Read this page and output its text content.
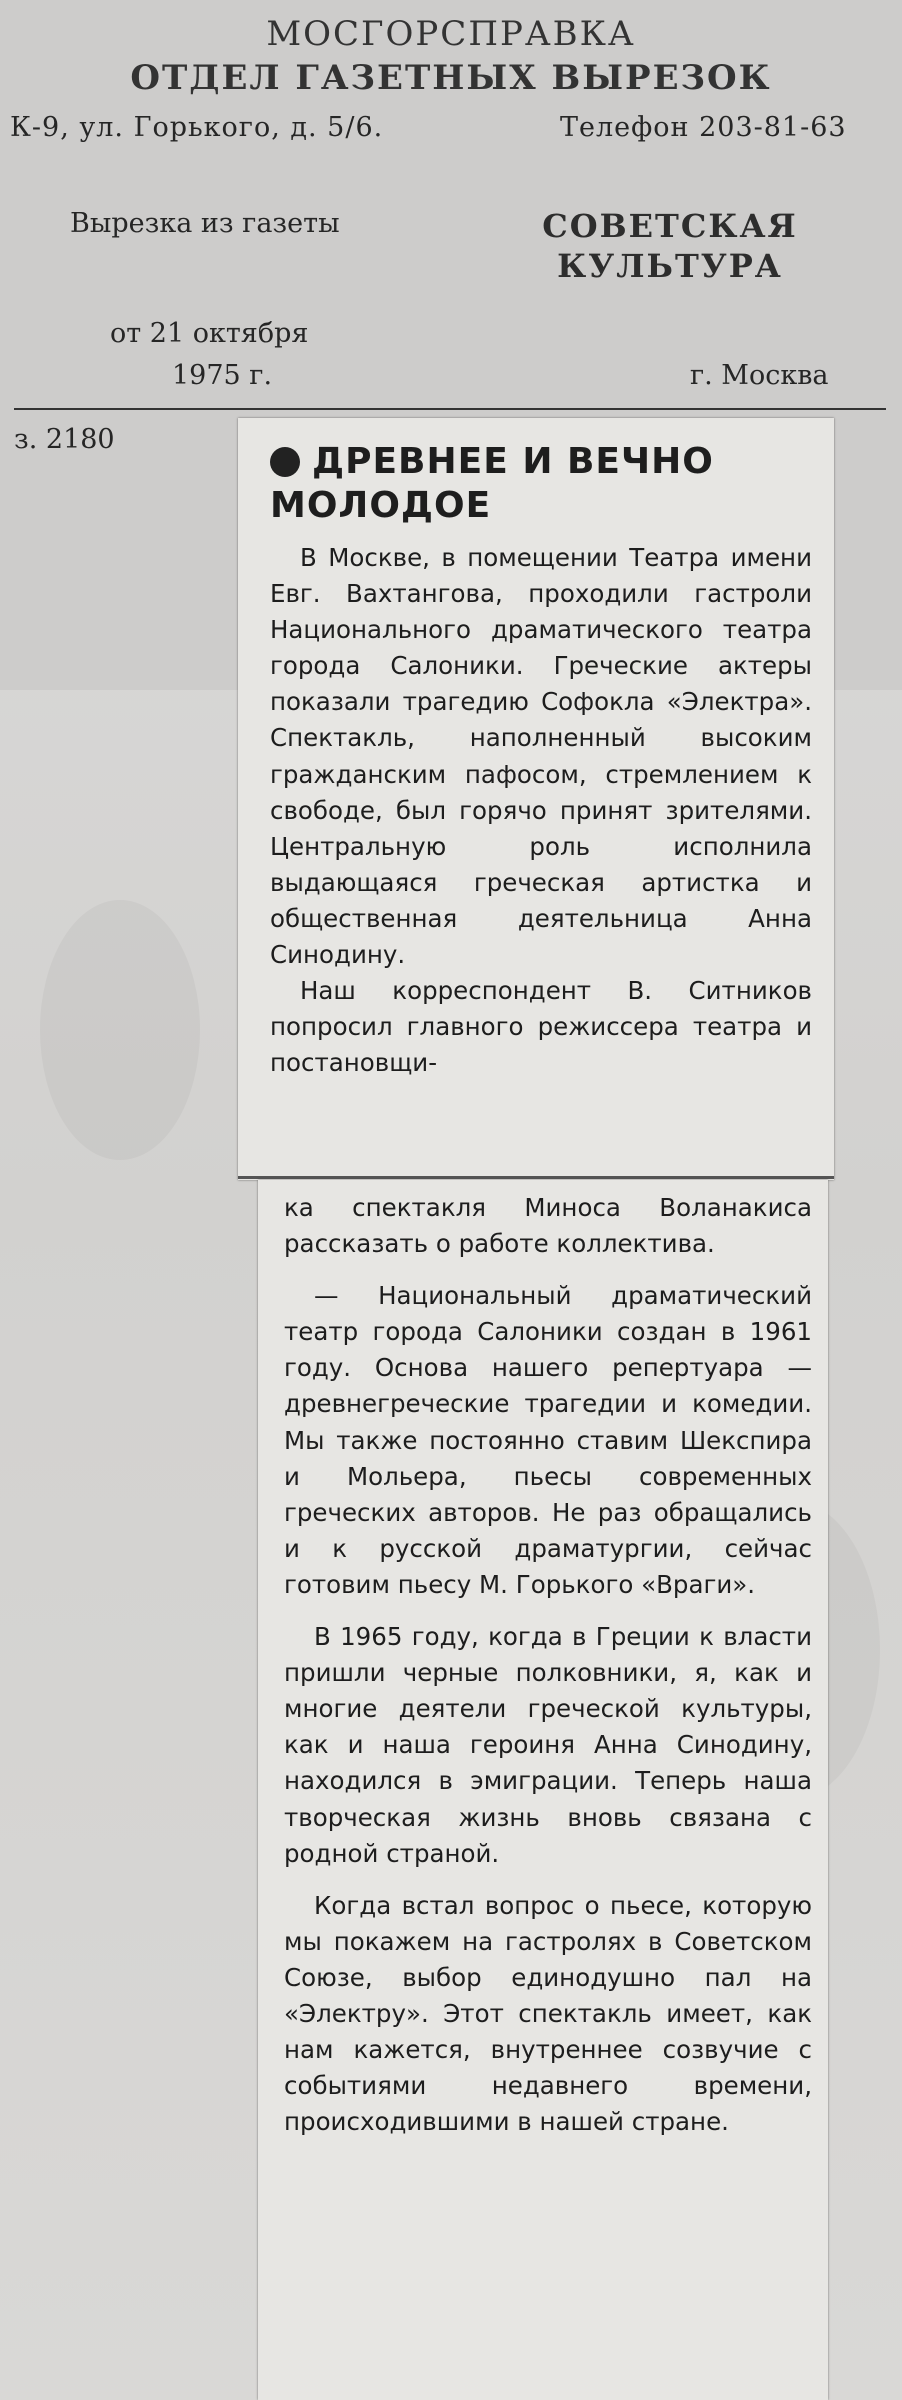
МОСГОРСПРАВКА
ОТДЕЛ ГАЗЕТНЫХ ВЫРЕЗОК
К-9, ул. Горького, д. 5/6.	Телефон 203-81-63
Вырезка из газеты	СОВЕТСКАЯ КУЛЬТУРА
от 21 октября
1975 г.	г. Москва
з. 2180
ДРЕВНЕЕ И ВЕЧНО МОЛОДОЕ

В Москве, в помещении Театра имени Евг. Вахтангова, проходили гастроли Национального драматического театра города Салоники. Греческие актеры показали трагедию Софокла «Электра». Спектакль, наполненный высоким гражданским пафосом, стремлением к свободе, был горячо принят зрителями. Центральную роль исполнила выдающаяся греческая артистка и общественная деятельница Анна Синодину.

Наш корреспондент В. Ситников попросил главного режиссера театра и постановщи-

ка спектакля Миноса Воланакиса рассказать о работе коллектива.

— Национальный драматический театр города Салоники создан в 1961 году. Основа нашего репертуара — древнегреческие трагедии и комедии. Мы также постоянно ставим Шекспира и Мольера, пьесы современных греческих авторов. Не раз обращались и к русской драматургии, сейчас готовим пьесу М. Горького «Враги».

В 1965 году, когда в Греции к власти пришли черные полковники, я, как и многие деятели греческой культуры, как и наша героиня Анна Синодину, находился в эмиграции. Теперь наша творческая жизнь вновь связана с родной страной.

Когда встал вопрос о пьесе, которую мы покажем на гастролях в Советском Союзе, выбор единодушно пал на «Электру». Этот спектакль имеет, как нам кажется, внутреннее созвучие с событиями недавнего времени, происходившими в нашей стране.
